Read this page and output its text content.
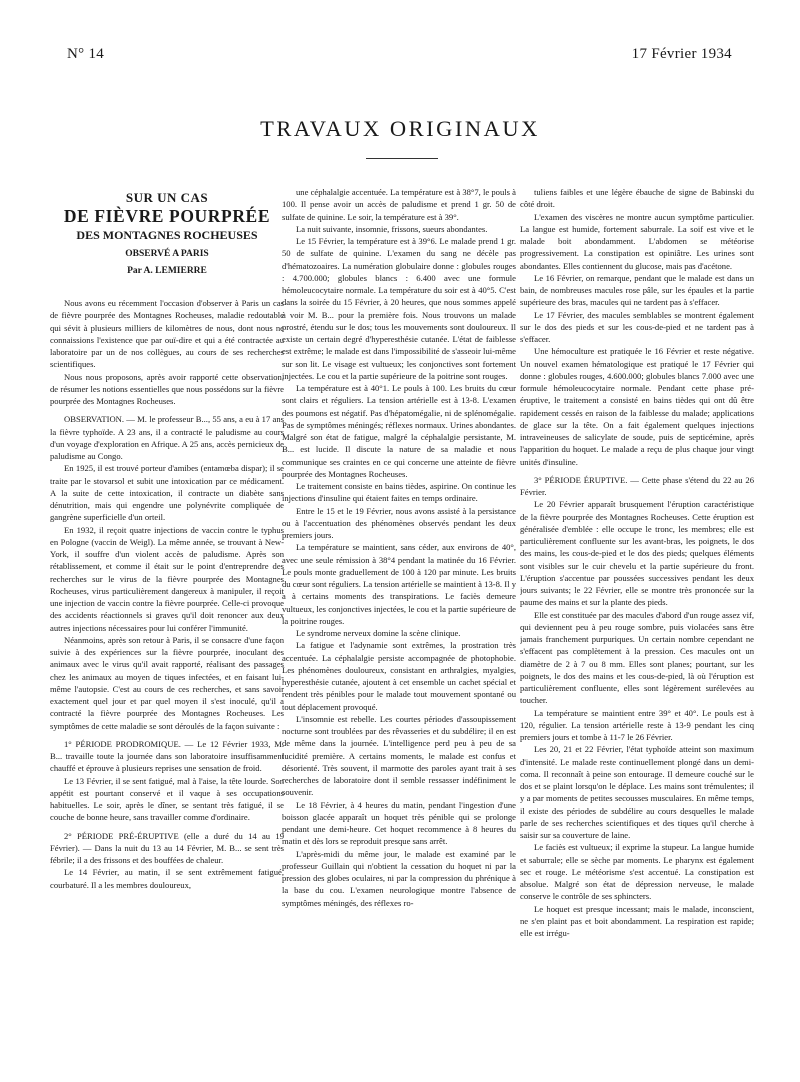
N° 14	17 Février 1934
TRAVAUX ORIGINAUX

SUR UN CAS

DE FIÈVRE POURPRÉE

DES MONTAGNES ROCHEUSES

OBSERVÉ A PARIS

Par A. LEMIERRE

Nous avons eu récemment l'occasion d'observer à Paris un cas de fièvre pourprée des Montagnes Rocheuses, maladie redoutable qui sévit à plusieurs milliers de kilomètres de nous, dont nous ne connaissions l'existence que par ouï-dire et qui a été contractée au laboratoire par un de nos collègues, au cours de ses recherches scientifiques.

Nous nous proposons, après avoir rapporté cette observation, de résumer les notions essentielles que nous possédons sur la fièvre pourprée des Montagnes Rocheuses.

OBSERVATION. — M. le professeur B..., 55 ans, a eu à 17 ans la fièvre typhoïde. A 23 ans, il a contracté le paludisme au cours d'un voyage d'exploration en Afrique. A 25 ans, accès pernicieux de paludisme au Congo.

En 1925, il est trouvé porteur d'amibes (entamœba dispar); il se traite par le stovarsol et subit une intoxication par ce médicament. A la suite de cette intoxication, il contracte un diabète sans dénutrition, mais qui engendre une polynévrite compliquée de gangrène superficielle d'un orteil.

En 1932, il reçoit quatre injections de vaccin contre le typhus en Pologne (vaccin de Weigl). La même année, se trouvant à New-York, il souffre d'un violent accès de paludisme. Après son rétablissement, et comme il était sur le point d'entreprendre des recherches sur le virus de la fièvre pourprée des Montagnes Rocheuses, virus particulièrement dangereux à manipuler, il reçoit une injection de vaccin contre la fièvre pourprée. Celle-ci provoque des accidents réactionnels si graves qu'il doit renoncer aux deux autres injections nécessaires pour lui conférer l'immunité.

Néanmoins, après son retour à Paris, il se consacre d'une façon suivie à des expériences sur la fièvre pourprée, inoculant des animaux avec le virus qu'il avait rapporté, réalisant des passages chez les animaux au moyen de tiques infectées, et en faisant lui-même l'autopsie. C'est au cours de ces recherches, et sans savoir exactement quel jour et par quel moyen il s'est inoculé, qu'il a contracté la fièvre pourprée des Montagnes Rocheuses. Les symptômes de cette maladie se sont déroulés de la façon suivante :

1° PÉRIODE PRODROMIQUE. — Le 12 Février 1933, M. B... travaille toute la journée dans son laboratoire insuffisamment chauffé et éprouve à plusieurs reprises une sensation de froid.

Le 13 Février, il se sent fatigué, mal à l'aise, la tête lourde. Son appétit est pourtant conservé et il vaque à ses occupations habituelles. Le soir, après le dîner, se sentant très fatigué, il se couche de bonne heure, sans travailler comme d'ordinaire.

2° PÉRIODE PRÉ-ÉRUPTIVE (elle a duré du 14 au 19 Février). — Dans la nuit du 13 au 14 Février, M. B... se sent très fébrile; il a des frissons et des bouffées de chaleur.

Le 14 Février, au matin, il se sent extrêmement fatigué, courbaturé. Il a les membres douloureux,

une céphalalgie accentuée. La température est à 38°7, le pouls à 100. Il pense avoir un accès de paludisme et prend 1 gr. 50 de sulfate de quinine. Le soir, la température est à 39°.

La nuit suivante, insomnie, frissons, sueurs abondantes.

Le 15 Février, la température est à 39°6. Le malade prend 1 gr. 50 de sulfate de quinine. L'examen du sang ne décèle pas d'hématozoaires. La numération globulaire donne : globules rouges : 4.700.000; globules blancs : 6.400 avec une formule hémoleucocytaire normale. La température du soir est à 40°5. C'est dans la soirée du 15 Février, à 20 heures, que nous sommes appelé à voir M. B... pour la première fois. Nous trouvons un malade prostré, étendu sur le dos; tous les mouvements sont douloureux. Il existe un certain degré d'hyperesthésie cutanée. L'état de faiblesse est extrême; le malade est dans l'impossibilité de s'asseoir lui-même sur son lit. Le visage est vultueux; les conjonctives sont fortement injectées. Le cou et la partie supérieure de la poitrine sont rouges.

La température est à 40°1. Le pouls à 100. Les bruits du cœur sont clairs et réguliers. La tension artérielle est à 13-8. L'examen des poumons est négatif. Pas d'hépatomégalie, ni de splénomégalie. Pas de symptômes méningés; réflexes normaux. Urines abondantes. Malgré son état de fatigue, malgré la céphalalgie persistante, M. B... est lucide. Il discute la nature de sa maladie et nous communique ses craintes en ce qui concerne une atteinte de fièvre pourprée des Montagnes Rocheuses.

Le traitement consiste en bains tièdes, aspirine. On continue les injections d'insuline qui étaient faites en temps ordinaire.

Entre le 15 et le 19 Février, nous avons assisté à la persistance ou à l'accentuation des phénomènes observés pendant les deux premiers jours.

La température se maintient, sans céder, aux environs de 40°, avec une seule rémission à 38°4 pendant la matinée du 16 Février. Le pouls monte graduellement de 100 à 120 par minute. Les bruits du cœur sont réguliers. La tension artérielle se maintient à 13-8. Il y a à certains moments des transpirations. Le faciès demeure vultueux, les conjonctives injectées, le cou et la partie supérieure de la poitrine rouges.

Le syndrome nerveux domine la scène clinique.

La fatigue et l'adynamie sont extrêmes, la prostration très accentuée. La céphalalgie persiste accompagnée de photophobie. Les phénomènes douloureux, consistant en arthralgies, myalgies, hyperesthésie cutanée, ajoutent à cet ensemble un cachet spécial et rendent très pénibles pour le malade tout mouvement spontané ou tout déplacement provoqué.

L'insomnie est rebelle. Les courtes périodes d'assoupissement nocturne sont troublées par des rêvasseries et du subdélire; il en est de même dans la journée. L'intelligence perd peu à peu de sa lucidité première. A certains moments, le malade est confus et désorienté. Très souvent, il marmotte des paroles ayant trait à ses recherches de laboratoire dont il semble ressasser indéfiniment le souvenir.

Le 18 Février, à 4 heures du matin, pendant l'ingestion d'une boisson glacée apparaît un hoquet très pénible qui se prolonge pendant une demi-heure. Cet hoquet recommence à 8 heures du matin et dès lors se reproduit presque sans arrêt.

L'après-midi du même jour, le malade est examiné par le professeur Guillain qui n'obtient la cessation du hoquet ni par la pression des globes oculaires, ni par la compression du phrénique à la base du cou. L'examen neurologique montre l'absence de symptômes méningés, des réflexes ro-

tuliens faibles et une légère ébauche de signe de Babinski du côté droit.

L'examen des viscères ne montre aucun symptôme particulier. La langue est humide, fortement saburrale. La soif est vive et le malade boit abondamment. L'abdomen se météorise progressivement. La constipation est opiniâtre. Les urines sont abondantes. Elles contiennent du glucose, mais pas d'acétone.

Le 16 Février, on remarque, pendant que le malade est dans un bain, de nombreuses macules rose pâle, sur les épaules et la partie supérieure des bras, macules qui ne tardent pas à s'effacer.

Le 17 Février, des macules semblables se montrent également sur le dos des pieds et sur les cous-de-pied et ne tardent pas à s'effacer.

Une hémoculture est pratiquée le 16 Février et reste négative. Un nouvel examen hématologique est pratiqué le 17 Février qui donne : globules rouges, 4.600.000; globules blancs 7.000 avec une formule hémoleucocytaire normale. Pendant cette phase pré-éruptive, le traitement a consisté en bains tièdes qui ont dû être rapidement cessés en raison de la faiblesse du malade; applications de glace sur la tête. On a fait également quelques injections intraveineuses de salicylate de soude, puis de septicémine, après l'apparition du hoquet. Le malade a reçu de plus chaque jour vingt unités d'insuline.

3° PÉRIODE ÉRUPTIVE. — Cette phase s'étend du 22 au 26 Février.

Le 20 Février apparaît brusquement l'éruption caractéristique de la fièvre pourprée des Montagnes Rocheuses. Cette éruption est généralisée d'emblée : elle occupe le tronc, les membres; elle est particulièrement confluente sur les avant-bras, les poignets, le dos des mains, les cous-de-pied et le dos des pieds; quelques éléments sont visibles sur le cuir chevelu et la partie supérieure du front. L'éruption s'accentue par poussées successives pendant les deux jours suivants; le 22 Février, elle se montre très prononcée sur la paume des mains et sur la plante des pieds.

Elle est constituée par des macules d'abord d'un rouge assez vif, qui deviennent peu à peu rouge sombre, puis violacées sans être jamais franchement purpuriques. Un certain nombre cependant ne s'effacent pas complètement à la pression. Ces macules ont un diamètre de 2 à 7 ou 8 mm. Elles sont planes; pourtant, sur les poignets, le dos des mains et les cous-de-pied, là où l'éruption est particulièrement confluente, elles sont légèrement surélevées au toucher.

La température se maintient entre 39° et 40°. Le pouls est à 120, régulier. La tension artérielle reste à 13-9 pendant les cinq premiers jours et tombe à 11-7 le 26 Février.

Les 20, 21 et 22 Février, l'état typhoïde atteint son maximum d'intensité. Le malade reste continuellement plongé dans un demi-coma. Il reconnaît à peine son entourage. Il demeure couché sur le dos et se plaint lorsqu'on le déplace. Les mains sont trémulentes; il y a par moments de petites secousses musculaires. En même temps, il existe des périodes de subdélire au cours desquelles le malade parle de ses recherches scientifiques et des tiques qu'il cherche à saisir sur sa couverture de laine.

Le faciès est vultueux; il exprime la stupeur. La langue humide et saburrale; elle se sèche par moments. Le pharynx est également sec et rouge. Le météorisme s'est accentué. La constipation est absolue. Malgré son état de dépression nerveuse, le malade conserve le contrôle de ses sphincters.

Le hoquet est presque incessant; mais le malade, inconscient, ne s'en plaint pas et boit abondamment. La respiration est rapide; elle est irrégu-
